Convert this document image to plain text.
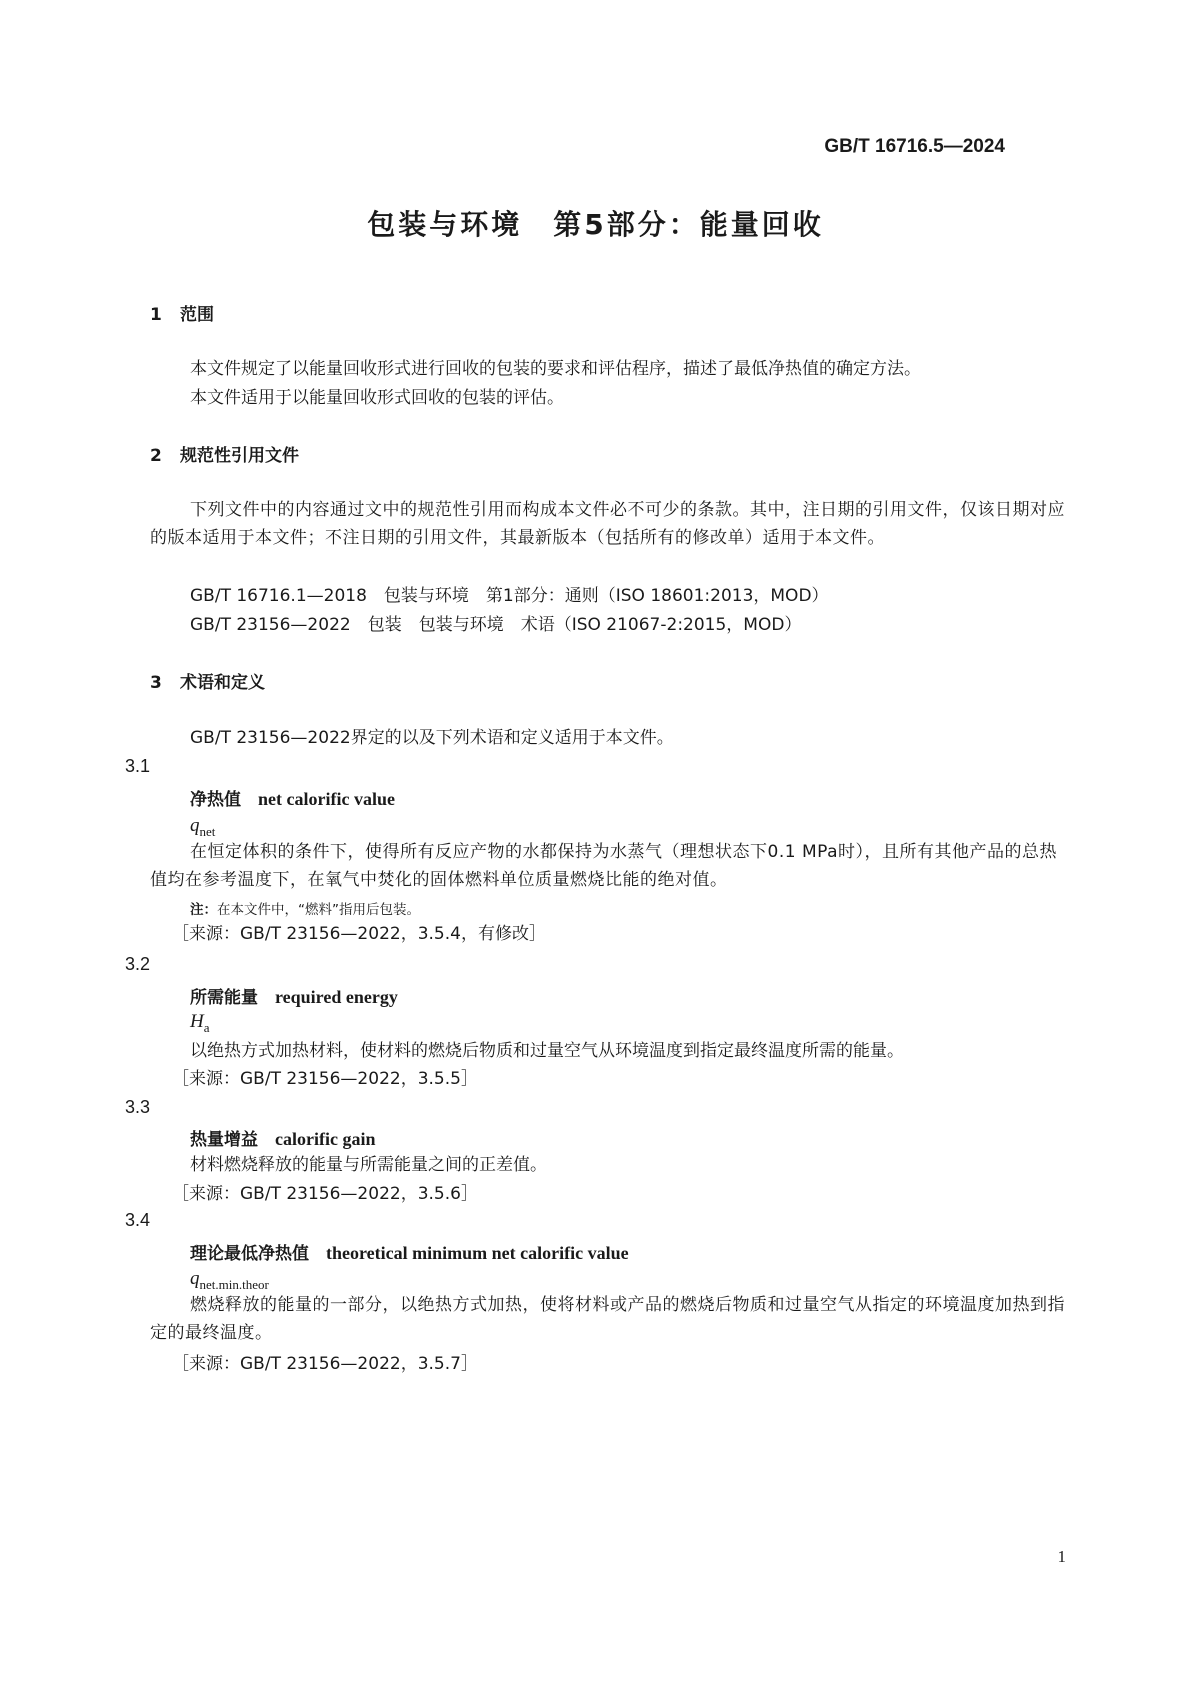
GB/T 16716.5—2024
包装与环境　第5部分：能量回收
1 范围
本文件规定了以能量回收形式进行回收的包装的要求和评估程序，描述了最低净热值的确定方法。
本文件适用于以能量回收形式回收的包装的评估。
2 规范性引用文件
下列文件中的内容通过文中的规范性引用而构成本文件必不可少的条款。其中，注日期的引用文件，仅该日期对应的版本适用于本文件；不注日期的引用文件，其最新版本（包括所有的修改单）适用于本文件。
GB/T 16716.1—2018　包装与环境　第1部分：通则（ISO 18601:2013，MOD）
GB/T 23156—2022　包装　包装与环境　术语（ISO 21067-2:2015，MOD）
3 术语和定义
GB/T 23156—2022界定的以及下列术语和定义适用于本文件。
3.1
净热值　 net calorific value
$q_{net}$
在恒定体积的条件下，使得所有反应产物的水都保持为水蒸气（理想状态下0.1 MPa时），且所有其他产品的总热值均在参考温度下，在氧气中焚化的固体燃料单位质量燃烧比能的绝对值。
注：在本文件中，“燃料”指用后包装。
［来源：GB/T 23156—2022，3.5.4，有修改］
3.2
所需能量　 required energy
$H_a$
以绝热方式加热材料，使材料的燃烧后物质和过量空气从环境温度到指定最终温度所需的能量。
［来源：GB/T 23156—2022，3.5.5］
3.3
热量增益　 calorific gain
材料燃烧释放的能量与所需能量之间的正差值。
［来源：GB/T 23156—2022，3.5.6］
3.4
理论最低净热值　 theoretical minimum net calorific value
$q_{net.min.theor}$
燃烧释放的能量的一部分，以绝热方式加热，使将材料或产品的燃烧后物质和过量空气从指定的环境温度加热到指定的最终温度。
［来源：GB/T 23156—2022，3.5.7］
1
